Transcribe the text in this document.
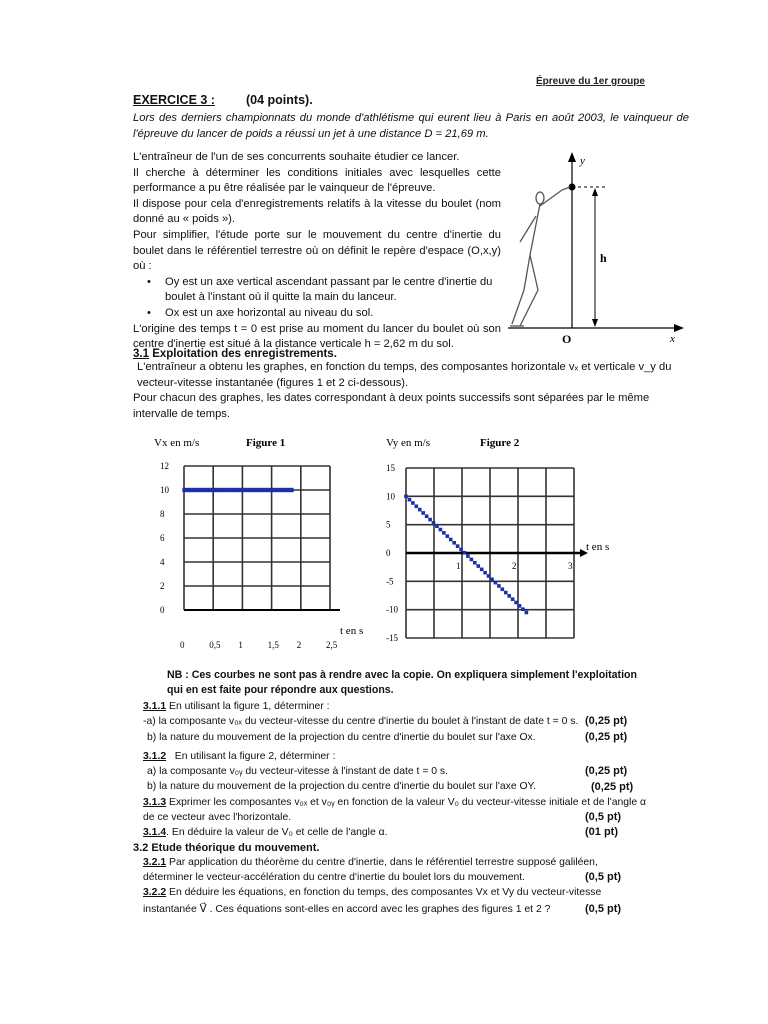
Épreuve du 1er groupe
EXERCICE 3 : (04 points).
Lors des derniers championnats du monde d'athlétisme qui eurent lieu à Paris en août 2003, le vainqueur de l'épreuve du lancer de poids a réussi un jet à une distance D = 21,69 m.

L'entraîneur de l'un de ses concurrents souhaite étudier ce lancer.

Il cherche à déterminer les conditions initiales avec lesquelles cette performance a pu être réalisée par le vainqueur de l'épreuve.

Il dispose pour cela d'enregistrements relatifs à la vitesse du boulet (nom donné au « poids »).

Pour simplifier, l'étude porte sur le mouvement du centre d'inertie du boulet dans le référentiel terrestre où on définit le repère d'espace (O,x,y) où :

• Oy est un axe vertical ascendant passant par le centre d'inertie du boulet à l'instant où il quitte la main du lanceur.
• Ox est un axe horizontal au niveau du sol.

L'origine des temps t = 0 est prise au moment du lancer du boulet où son centre d'inertie est situé à la distance verticale h = 2,62 m du sol.

y
x
O
h
3.1 Exploitation des enregistrements.

L'entraîneur a obtenu les graphes, en fonction du temps, des composantes horizontale vₓ et verticale v_y du vecteur-vitesse instantanée (figures 1 et 2 ci-dessous).

Pour chacun des graphes, les dates correspondant à deux points successifs sont séparées par le même intervalle de temps.

Vx en m/s	Figure 1
t en s
0	0,5 1	1,5 2	2,5
0
2
4
6
8
10
12
Vy en m/s	Figure 2
t en s
1	2	3
15
10
5
0
-5
-10
-15
NB : Ces courbes ne sont pas à rendre avec la copie. On expliquera simplement l'exploitation qui en est faite pour répondre aux questions.
3.1.1 En utilisant la figure 1, déterminer :
-a) la composante v₀ₓ du vecteur-vitesse du centre d'inertie du boulet à l'instant de date t = 0 s. (0,25 pt)
b) la nature du mouvement de la projection du centre d'inertie du boulet sur l'axe Ox.	(0,25 pt)
3.1.2 En utilisant la figure 2, déterminer :
a) la composante v₀ᵧ du vecteur-vitesse à l'instant de date t = 0 s.	(0,25 pt)
b) la nature du mouvement de la projection du centre d'inertie du boulet sur l'axe OY.	(0,25 pt)
3.1.3 Exprimer les composantes v₀ₓ et v₀ᵧ en fonction de la valeur V₀ du vecteur-vitesse initiale et de l'angle α
de ce vecteur avec l'horizontale.	(0,5 pt)
3.1.4. En déduire la valeur de V₀ et celle de l'angle α.	(01 pt)
3.2 Etude théorique du mouvement.
3.2.1 Par application du théorème du centre d'inertie, dans le référentiel terrestre supposé galiléen,
déterminer le vecteur-accélération du centre d'inertie du boulet lors du mouvement.	(0,5 pt)
3.2.2 En déduire les équations, en fonction du temps, des composantes Vx et Vy du vecteur-vitesse
instantanée V⃗ . Ces équations sont-elles en accord avec les graphes des figures 1 et 2 ?	(0,5 pt)
